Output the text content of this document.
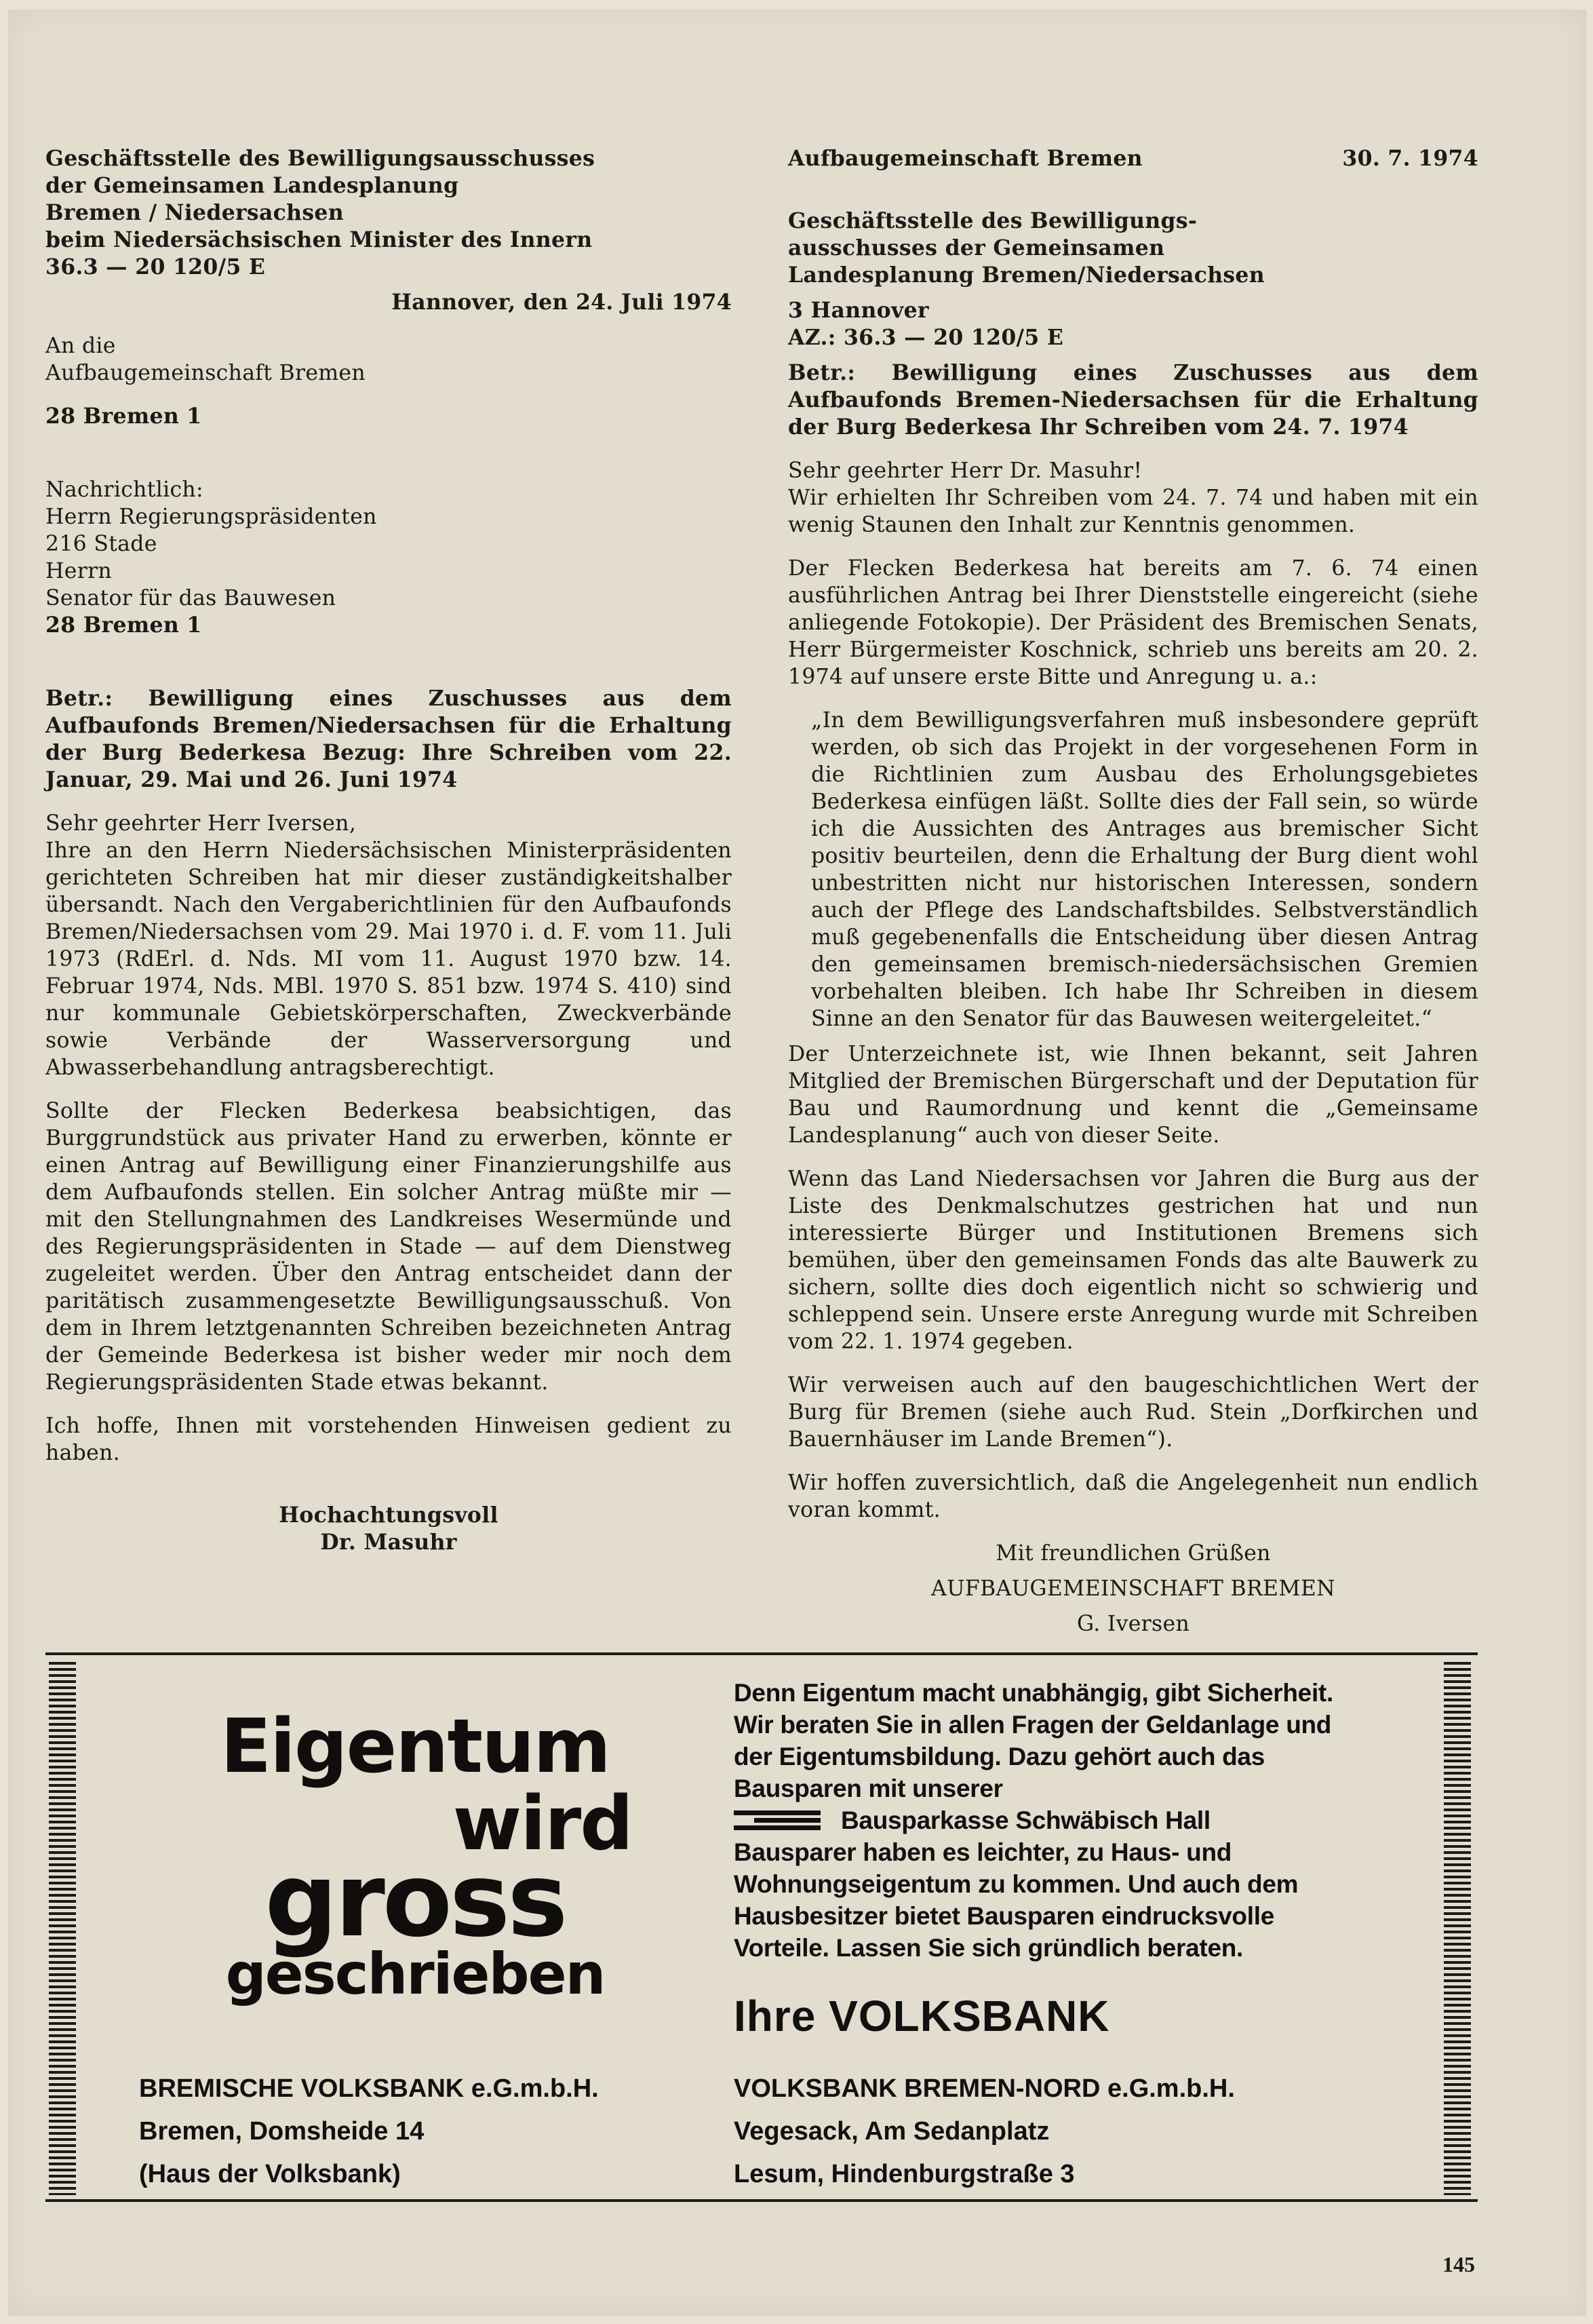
Geschäftsstelle des Bewilligungsausschusses

der Gemeinsamen Landesplanung

Bremen / Niedersachsen

beim Niedersächsischen Minister des Innern

36.3 — 20 120/5 E

Hannover, den 24. Juli 1974

An die

Aufbaugemeinschaft Bremen

28 Bremen 1

Nachrichtlich:

Herrn Regierungspräsidenten

216 Stade

Herrn

Senator für das Bauwesen

28 Bremen 1

Betr.: Bewilligung eines Zuschusses aus dem Aufbaufonds Bremen/Niedersachsen für die Erhaltung der Burg Bederkesa Bezug: Ihre Schreiben vom 22. Januar, 29. Mai und 26. Juni 1974

Sehr geehrter Herr Iversen,

Ihre an den Herrn Niedersächsischen Ministerpräsidenten gerichteten Schreiben hat mir dieser zuständigkeitshalber übersandt. Nach den Vergaberichtlinien für den Aufbaufonds Bremen/Niedersachsen vom 29. Mai 1970 i. d. F. vom 11. Juli 1973 (RdErl. d. Nds. MI vom 11. August 1970 bzw. 14. Februar 1974, Nds. MBl. 1970 S. 851 bzw. 1974 S. 410) sind nur kommunale Gebietskörperschaften, Zweckverbände sowie Verbände der Wasserversorgung und Abwasserbehandlung antragsberechtigt.

Sollte der Flecken Bederkesa beabsichtigen, das Burggrundstück aus privater Hand zu erwerben, könnte er einen Antrag auf Bewilligung einer Finanzierungshilfe aus dem Aufbaufonds stellen. Ein solcher Antrag müßte mir — mit den Stellungnahmen des Landkreises Wesermünde und des Regierungspräsidenten in Stade — auf dem Dienstweg zugeleitet werden. Über den Antrag entscheidet dann der paritätisch zusammengesetzte Bewilligungsausschuß. Von dem in Ihrem letztgenannten Schreiben bezeichneten Antrag der Gemeinde Bederkesa ist bisher weder mir noch dem Regierungspräsidenten Stade etwas bekannt.

Ich hoffe, Ihnen mit vorstehenden Hinweisen gedient zu haben.

Hochachtungsvoll

Dr. Masuhr

Aufbaugemeinschaft Bremen	30. 7. 1974

Geschäftsstelle des Bewilligungs-

ausschusses der Gemeinsamen

Landesplanung Bremen/Niedersachsen

3 Hannover

AZ.: 36.3 — 20 120/5 E

Betr.: Bewilligung eines Zuschusses aus dem Aufbaufonds Bremen-Niedersachsen für die Erhaltung der Burg Bederkesa Ihr Schreiben vom 24. 7. 1974

Sehr geehrter Herr Dr. Masuhr!

Wir erhielten Ihr Schreiben vom 24. 7. 74 und haben mit ein wenig Staunen den Inhalt zur Kenntnis genommen.

Der Flecken Bederkesa hat bereits am 7. 6. 74 einen ausführlichen Antrag bei Ihrer Dienststelle eingereicht (siehe anliegende Fotokopie). Der Präsident des Bremischen Senats, Herr Bürgermeister Koschnick, schrieb uns bereits am 20. 2. 1974 auf unsere erste Bitte und Anregung u. a.:

„In dem Bewilligungsverfahren muß insbesondere geprüft werden, ob sich das Projekt in der vorgesehenen Form in die Richtlinien zum Ausbau des Erholungsgebietes Bederkesa einfügen läßt. Sollte dies der Fall sein, so würde ich die Aussichten des Antrages aus bremischer Sicht positiv beurteilen, denn die Erhaltung der Burg dient wohl unbestritten nicht nur historischen Interessen, sondern auch der Pflege des Landschaftsbildes. Selbstverständlich muß gegebenenfalls die Entscheidung über diesen Antrag den gemeinsamen bremisch-niedersächsischen Gremien vorbehalten bleiben. Ich habe Ihr Schreiben in diesem Sinne an den Senator für das Bauwesen weitergeleitet.“

Der Unterzeichnete ist, wie Ihnen bekannt, seit Jahren Mitglied der Bremischen Bürgerschaft und der Deputation für Bau und Raumordnung und kennt die „Gemeinsame Landesplanung“ auch von dieser Seite.

Wenn das Land Niedersachsen vor Jahren die Burg aus der Liste des Denkmalschutzes gestrichen hat und nun interessierte Bürger und Institutionen Bremens sich bemühen, über den gemeinsamen Fonds das alte Bauwerk zu sichern, sollte dies doch eigentlich nicht so schwierig und schleppend sein. Unsere erste Anregung wurde mit Schreiben vom 22. 1. 1974 gegeben.

Wir verweisen auch auf den baugeschichtlichen Wert der Burg für Bremen (siehe auch Rud. Stein „Dorfkirchen und Bauernhäuser im Lande Bremen“).

Wir hoffen zuversichtlich, daß die Angelegenheit nun endlich voran kommt.

Mit freundlichen Grüßen

AUFBAUGEMEINSCHAFT BREMEN

G. Iversen

Eigentum
wird
gross
geschrieben
Denn Eigentum macht unabhängig, gibt Sicherheit. Wir beraten Sie in allen Fragen der Geldanlage und der Eigentumsbildung. Dazu gehört auch das Bausparen mit unserer
Bausparkasse Schwäbisch Hall
Bausparer haben es leichter, zu Haus- und Wohnungseigentum zu kommen. Und auch dem Hausbesitzer bietet Bausparen eindrucksvolle Vorteile. Lassen Sie sich gründlich beraten.
Ihre VOLKSBANK
BREMISCHE VOLKSBANK e.G.m.b.H.
Bremen, Domsheide 14
(Haus der Volksbank)
VOLKSBANK BREMEN-NORD e.G.m.b.H.
Vegesack, Am Sedanplatz
Lesum, Hindenburgstraße 3
145
